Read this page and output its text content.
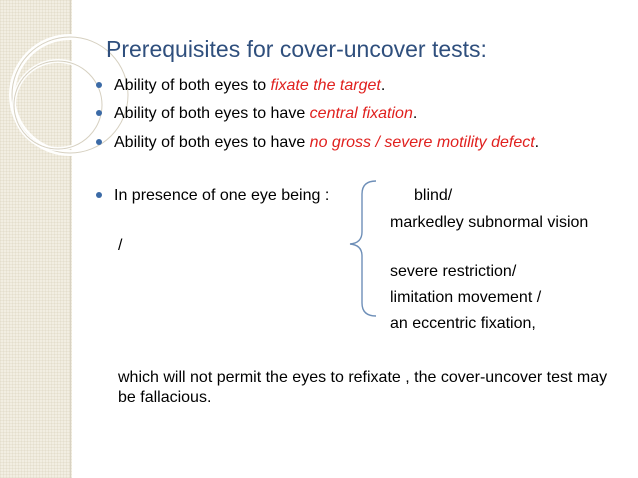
Prerequisites for cover-uncover tests:
Ability of both eyes to fixate the target.
Ability of both eyes to have central fixation.
Ability of both eyes to have no gross / severe motility defect.
In presence of one eye being :	blind/
markedley subnormal vision
/
severe restriction/
limitation movement /
an eccentric fixation,
which will not permit the eyes to refixate , the cover-uncover test may be fallacious.
